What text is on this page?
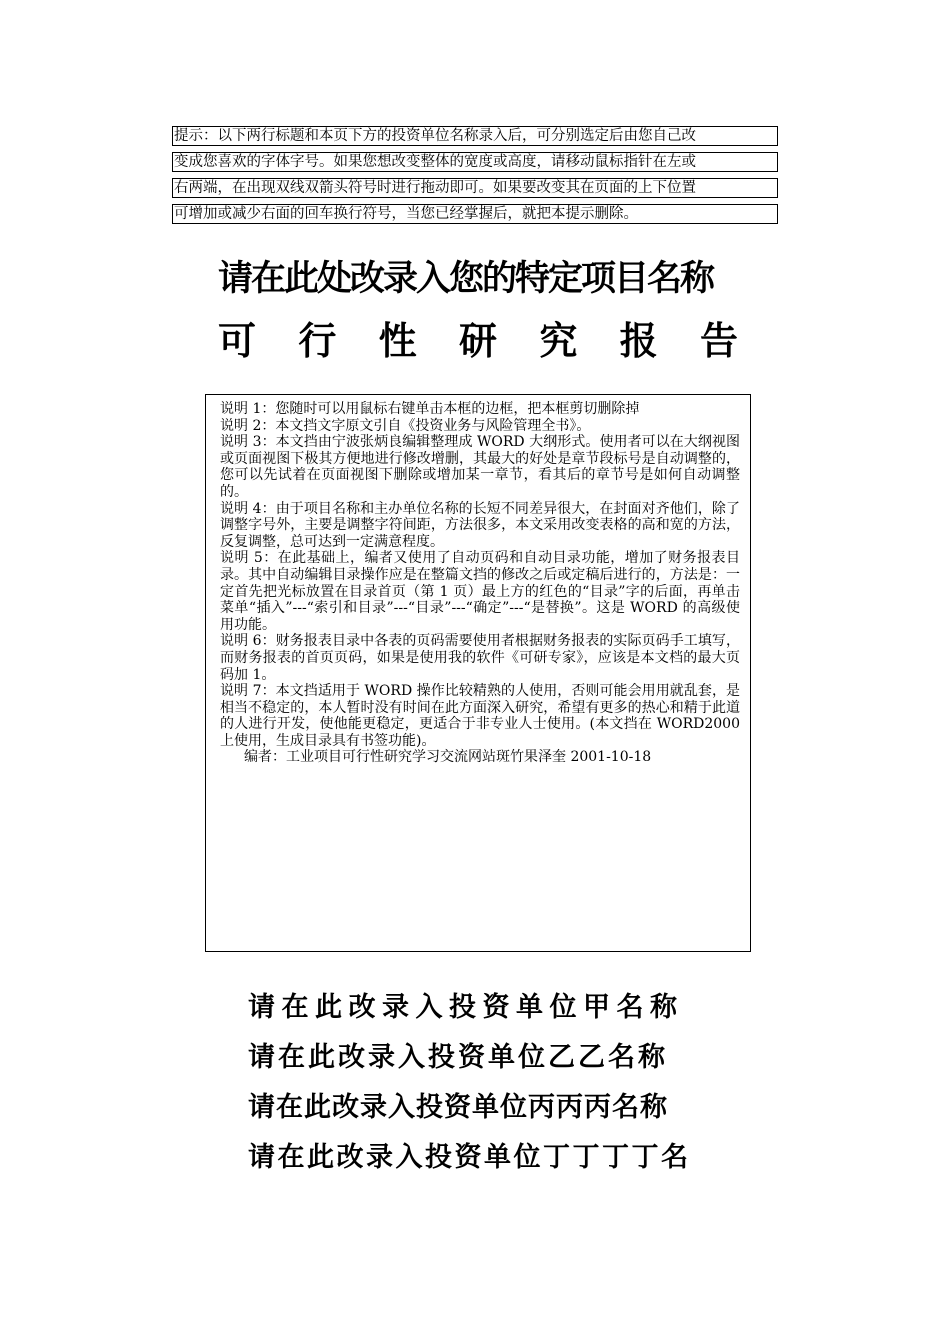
提示：以下两行标题和本页下方的投资单位名称录入后，可分别选定后由您自己改
变成您喜欢的字体字号。如果您想改变整体的宽度或高度，请移动鼠标指针在左或
右两端，在出现双线双箭头符号时进行拖动即可。如果要改变其在页面的上下位置
可增加或减少右面的回车换行符号，当您已经掌握后，就把本提示删除。
请在此处改录入您的特定项目名称
可 行 性 研 究 报 告
说明 1：您随时可以用鼠标右键单击本框的边框，把本框剪切删除掉
说明 2：本文挡文字原文引自《投资业务与风险管理全书》。
说明 3：本文挡由宁波张炳良编辑整理成 WORD 大纲形式。使用者可以在大纲视图或页面视图下极其方便地进行修改增删，其最大的好处是章节段标号是自动调整的，您可以先试着在页面视图下删除或增加某一章节，看其后的章节号是如何自动调整的。
说明 4：由于项目名称和主办单位名称的长短不同差异很大，在封面对齐他们，除了调整字号外，主要是调整字符间距，方法很多，本文采用改变表格的高和宽的方法，反复调整，总可达到一定满意程度。
说明 5：在此基础上，编者又使用了自动页码和自动目录功能，增加了财务报表目录。其中自动编辑目录操作应是在整篇文挡的修改之后或定稿后进行的，方法是：一定首先把光标放置在目录首页（第 1 页）最上方的红色的“目录”字的后面，再单击菜单“插入”---“索引和目录”---“目录”---“确定”---“是替换”。这是 WORD 的高级使用功能。
说明 6：财务报表目录中各表的页码需要使用者根据财务报表的实际页码手工填写，而财务报表的首页页码，如果是使用我的软件《可研专家》，应该是本文档的最大页码加 1。
说明 7：本文挡适用于 WORD 操作比较精熟的人使用，否则可能会用用就乱套，是相当不稳定的，本人暂时没有时间在此方面深入研究，希望有更多的热心和精于此道的人进行开发，使他能更稳定，更适合于非专业人士使用。(本文挡在 WORD2000 上使用，生成目录具有书签功能)。
编者：工业项目可行性研究学习交流网站斑竹果泽奎 2001-10-18
请在此改录入投资单位甲名称
请在此改录入投资单位乙乙名称
请在此改录入投资单位丙丙丙名称
请在此改录入投资单位丁丁丁丁名
